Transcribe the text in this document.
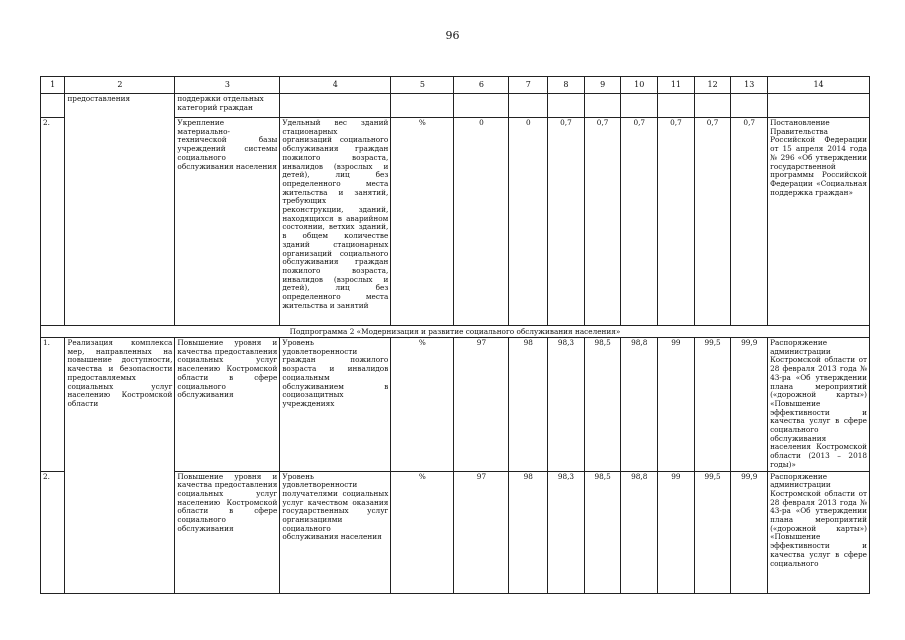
96
1	2	3	4	5	6	7	8	9	10	11	12	13	14
	предоставления	поддержки отдельных категорий граждан											
2.		Укрепление материально-технической базы учреждений системы социального обслуживания населения	Удельный вес зданий стационарных организаций социального обслуживания граждан пожилого возраста, инвалидов (взрослых и детей), лиц без определенного места жительства и занятий, требующих реконструкции, зданий, находящихся в аварийном состоянии, ветхих зданий, в общем количестве зданий стационарных организаций социального обслуживания граждан пожилого возраста, инвалидов (взрослых и детей), лиц без определенного места жительства и занятий	%	0	0	0,7	0,7	0,7	0,7	0,7	0,7	Постановление Правительства Российской Федерации от 15 апреля 2014 года № 296 «Об утверждении государственной программы Российской Федерации «Социальная поддержка граждан»
Подпрограмма 2 «Модернизация и развитие социального обслуживания населения»													
1.	Реализация комплекса мер, направленных на повышение доступности, качества и безопасности предоставляемых социальных услуг населению Костромской области	Повышение уровня и качества предоставления социальных услуг населению Костромской области в сфере социального обслуживания	Уровень удовлетворенности граждан пожилого возраста и инвалидов социальным обслуживанием в социозащитных учреждениях	%	97	98	98,3	98,5	98,8	99	99,5	99,9	Распоряжение администрации Костромской области от 28 февраля 2013 года № 43-ра «Об утверждении плана мероприятий («дорожной карты») «Повышение эффективности и качества услуг в сфере социального обслуживания населения Костромской области (2013 – 2018 годы)»
2.		Повышение уровня и качества предоставления социальных услуг населению Костромской области в сфере социального обслуживания	Уровень удовлетворенности получателями социальных услуг качеством оказания государственных услуг организациями социального обслуживания населения	%	97	98	98,3	98,5	98,8	99	99,5	99,9	Распоряжение администрации Костромской области от 28 февраля 2013 года № 43-ра «Об утверждении плана мероприятий («дорожной карты») «Повышение эффективности и качества услуг в сфере социального
